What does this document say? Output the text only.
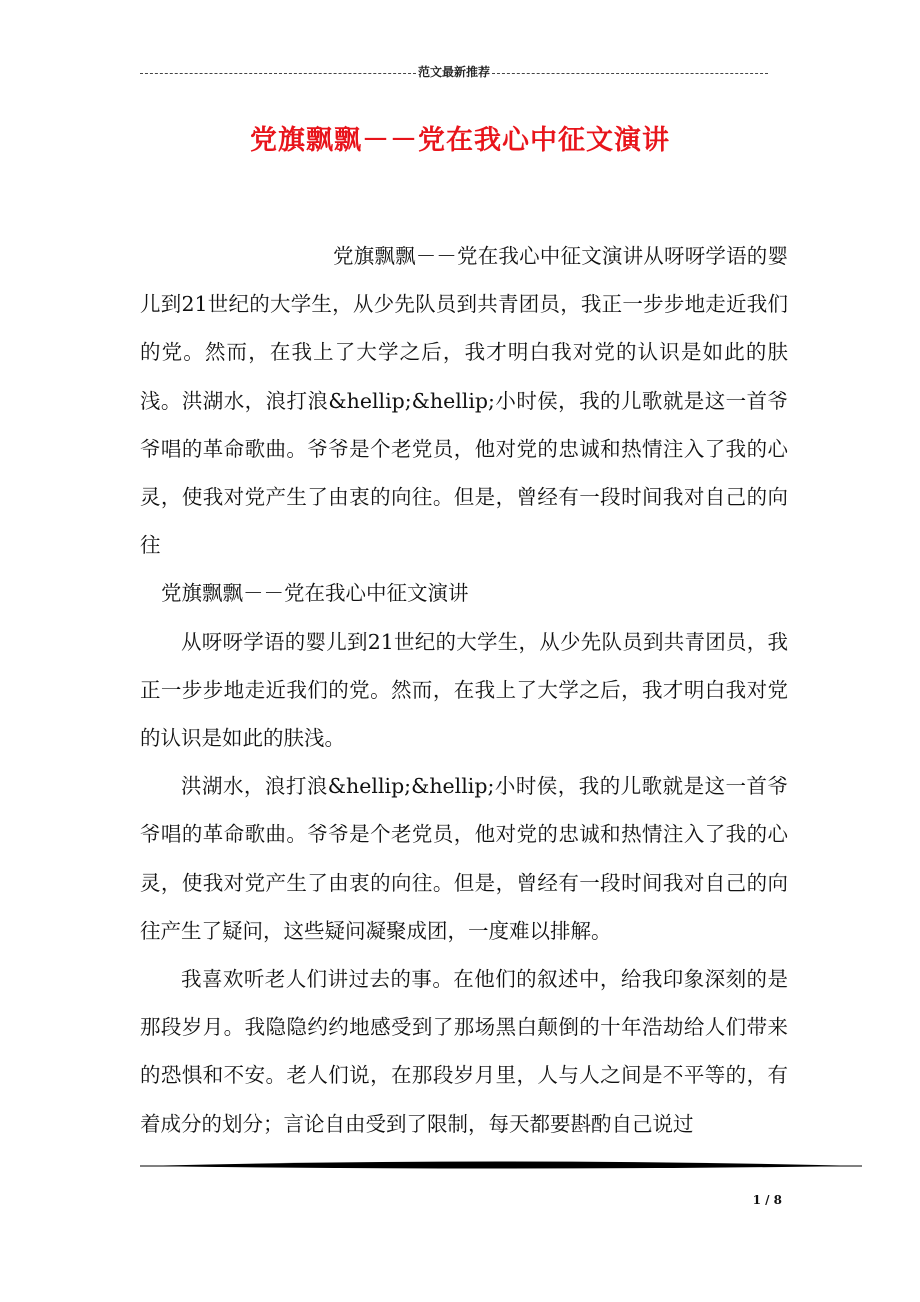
范文最新推荐
党旗飘飘－－党在我心中征文演讲

党旗飘飘－－党在我心中征文演讲从呀呀学语的婴儿到21世纪的大学生，从少先队员到共青团员，我正一步步地走近我们的党。然而，在我上了大学之后，我才明白我对党的认识是如此的肤浅。洪湖水，浪打浪&hellip;&hellip;小时侯，我的儿歌就是这一首爷爷唱的革命歌曲。爷爷是个老党员，他对党的忠诚和热情注入了我的心灵，使我对党产生了由衷的向往。但是，曾经有一段时间我对自己的向往

党旗飘飘－－党在我心中征文演讲

从呀呀学语的婴儿到21世纪的大学生，从少先队员到共青团员，我正一步步地走近我们的党。然而，在我上了大学之后，我才明白我对党的认识是如此的肤浅。

洪湖水，浪打浪&hellip;&hellip;小时侯，我的儿歌就是这一首爷爷唱的革命歌曲。爷爷是个老党员，他对党的忠诚和热情注入了我的心灵，使我对党产生了由衷的向往。但是，曾经有一段时间我对自己的向往产生了疑问，这些疑问凝聚成团，一度难以排解。

我喜欢听老人们讲过去的事。在他们的叙述中，给我印象深刻的是那段岁月。我隐隐约约地感受到了那场黑白颠倒的十年浩劫给人们带来的恐惧和不安。老人们说，在那段岁月里，人与人之间是不平等的，有着成分的划分；言论自由受到了限制，每天都要斟酌自己说过

1 / 8
